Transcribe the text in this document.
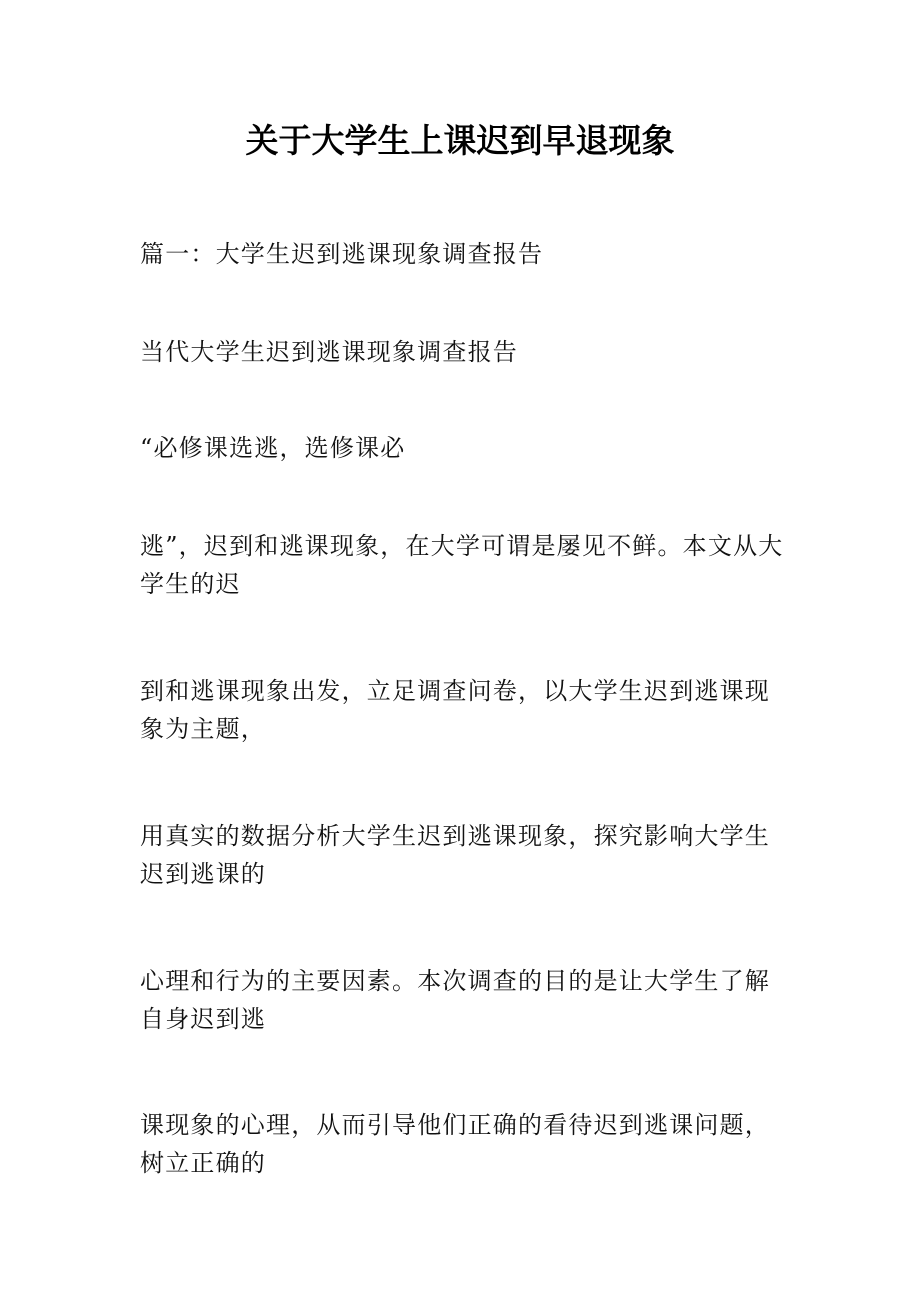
关于大学生上课迟到早退现象

篇一：大学生迟到逃课现象调查报告

当代大学生迟到逃课现象调查报告

“必修课选逃，选修课必

逃”，迟到和逃课现象，在大学可谓是屡见不鲜。本文从大学生的迟

到和逃课现象出发，立足调查问卷，以大学生迟到逃课现象为主题，

用真实的数据分析大学生迟到逃课现象，探究影响大学生迟到逃课的

心理和行为的主要因素。本次调查的目的是让大学生了解自身迟到逃

课现象的心理，从而引导他们正确的看待迟到逃课问题，树立正确的
